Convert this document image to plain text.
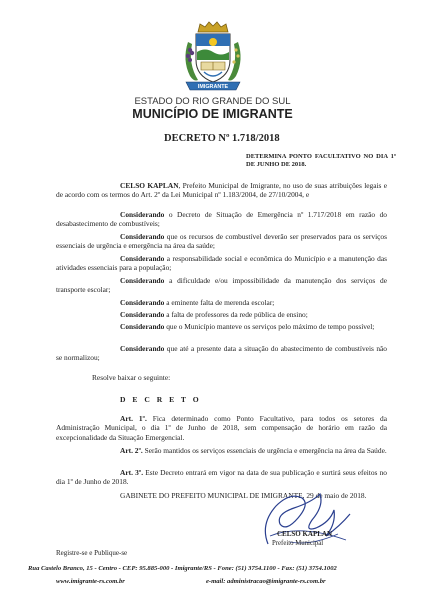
IMIGRANTE
ESTADO DO RIO GRANDE DO SUL
MUNICÍPIO DE IMIGRANTE
DECRETO Nº 1.718/2018
DETERMINA PONTO FACULTATIVO NO DIA 1º DE JUNHO DE 2018.
CELSO KAPLAN, Prefeito Municipal de Imigrante, no uso de suas atribuições legais e de acordo com os termos do Art. 2º da Lei Municipal nº 1.183/2004, de 27/10/2004, e
Considerando o Decreto de Situação de Emergência nº 1.717/2018 em razão do desabastecimento de combustíveis;
Considerando que os recursos de combustível deverão ser preservados para os serviços essenciais de urgência e emergência na área da saúde;
Considerando a responsabilidade social e econômica do Município e a manutenção das atividades essenciais para a população;
Considerando a dificuldade e/ou impossibilidade da manutenção dos serviços de transporte escolar;
Considerando a eminente falta de merenda escolar;
Considerando a falta de professores da rede pública de ensino;
Considerando que o Município manteve os serviços pelo máximo de tempo possível;
Considerando que até a presente data a situação do abastecimento de combustíveis não se normalizou;
Resolve baixar o seguinte:
D E C R E T O
Art. 1º. Fica determinado como Ponto Facultativo, para todos os setores da Administração Municipal, o dia 1º de Junho de 2018, sem compensação de horário em razão da excepcionalidade da Situação Emergencial.
Art. 2º. Serão mantidos os serviços essenciais de urgência e emergência na área da Saúde.
Art. 3º. Este Decreto entrará em vigor na data de sua publicação e surtirá seus efeitos no dia 1º de Junho de 2018.
GABINETE DO PREFEITO MUNICIPAL DE IMIGRANTE, 29 de maio de 2018.
CELSO KAPLAN
Prefeito Municipal
Registre-se e Publique-se
Rua Castelo Branco, 15 - Centro - CEP: 95.885-000 - Imigrante/RS - Fone: (51) 3754.1100 - Fax: (51) 3754.1002
www.imigrante-rs.com.br	e-mail: administracao@imigrante-rs.com.br
